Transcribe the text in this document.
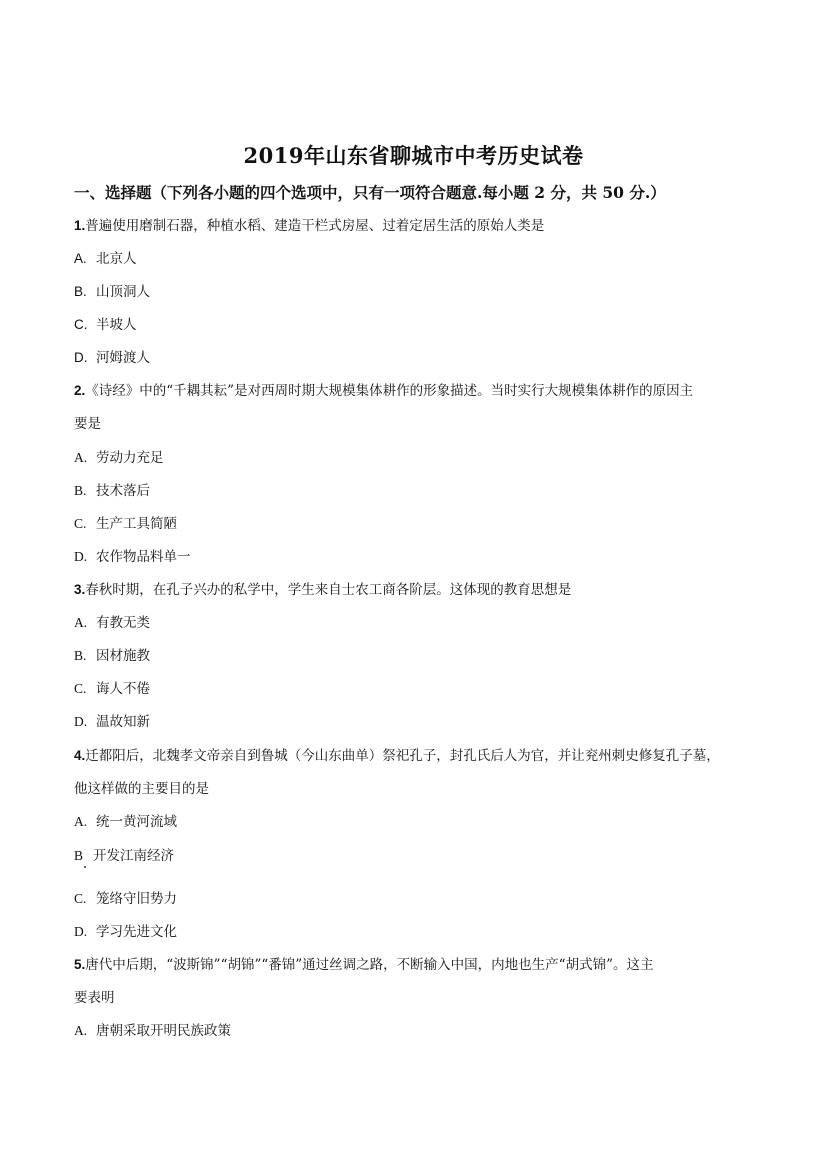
2019年山东省聊城市中考历史试卷
一、选择题（下列各小题的四个选项中，只有一项符合题意.每小题 2 分，共 50 分.）
1.普遍使用磨制石器，种植水稻、建造干栏式房屋、过着定居生活的原始人类是
A. 北京人
B. 山顶洞人
C. 半坡人
D. 河姆渡人
2.《诗经》中的“千耦其耘”是对西周时期大规模集体耕作的形象描述。当时实行大规模集体耕作的原因主
要是
A. 劳动力充足
B. 技术落后
C. 生产工具简陋
D. 农作物品料单一
3.春秋时期，在孔子兴办的私学中，学生来自士农工商各阶层。这体现的教育思想是
A. 有教无类
B. 因材施教
C. 诲人不倦
D. 温故知新
4.迁都阳后，北魏孝文帝亲自到鲁城（今山东曲单）祭祀孔子，封孔氏后人为官，并让兖州刺史修复孔子墓，
他这样做的主要目的是
A. 统一黄河流域
B 开发江南经济
C. 笼络守旧势力
D. 学习先进文化
5.唐代中后期，“波斯锦”“胡锦”“番锦”通过丝调之路，不断输入中国，内地也生产“胡式锦”。这主
要表明
A. 唐朝采取开明民族政策
